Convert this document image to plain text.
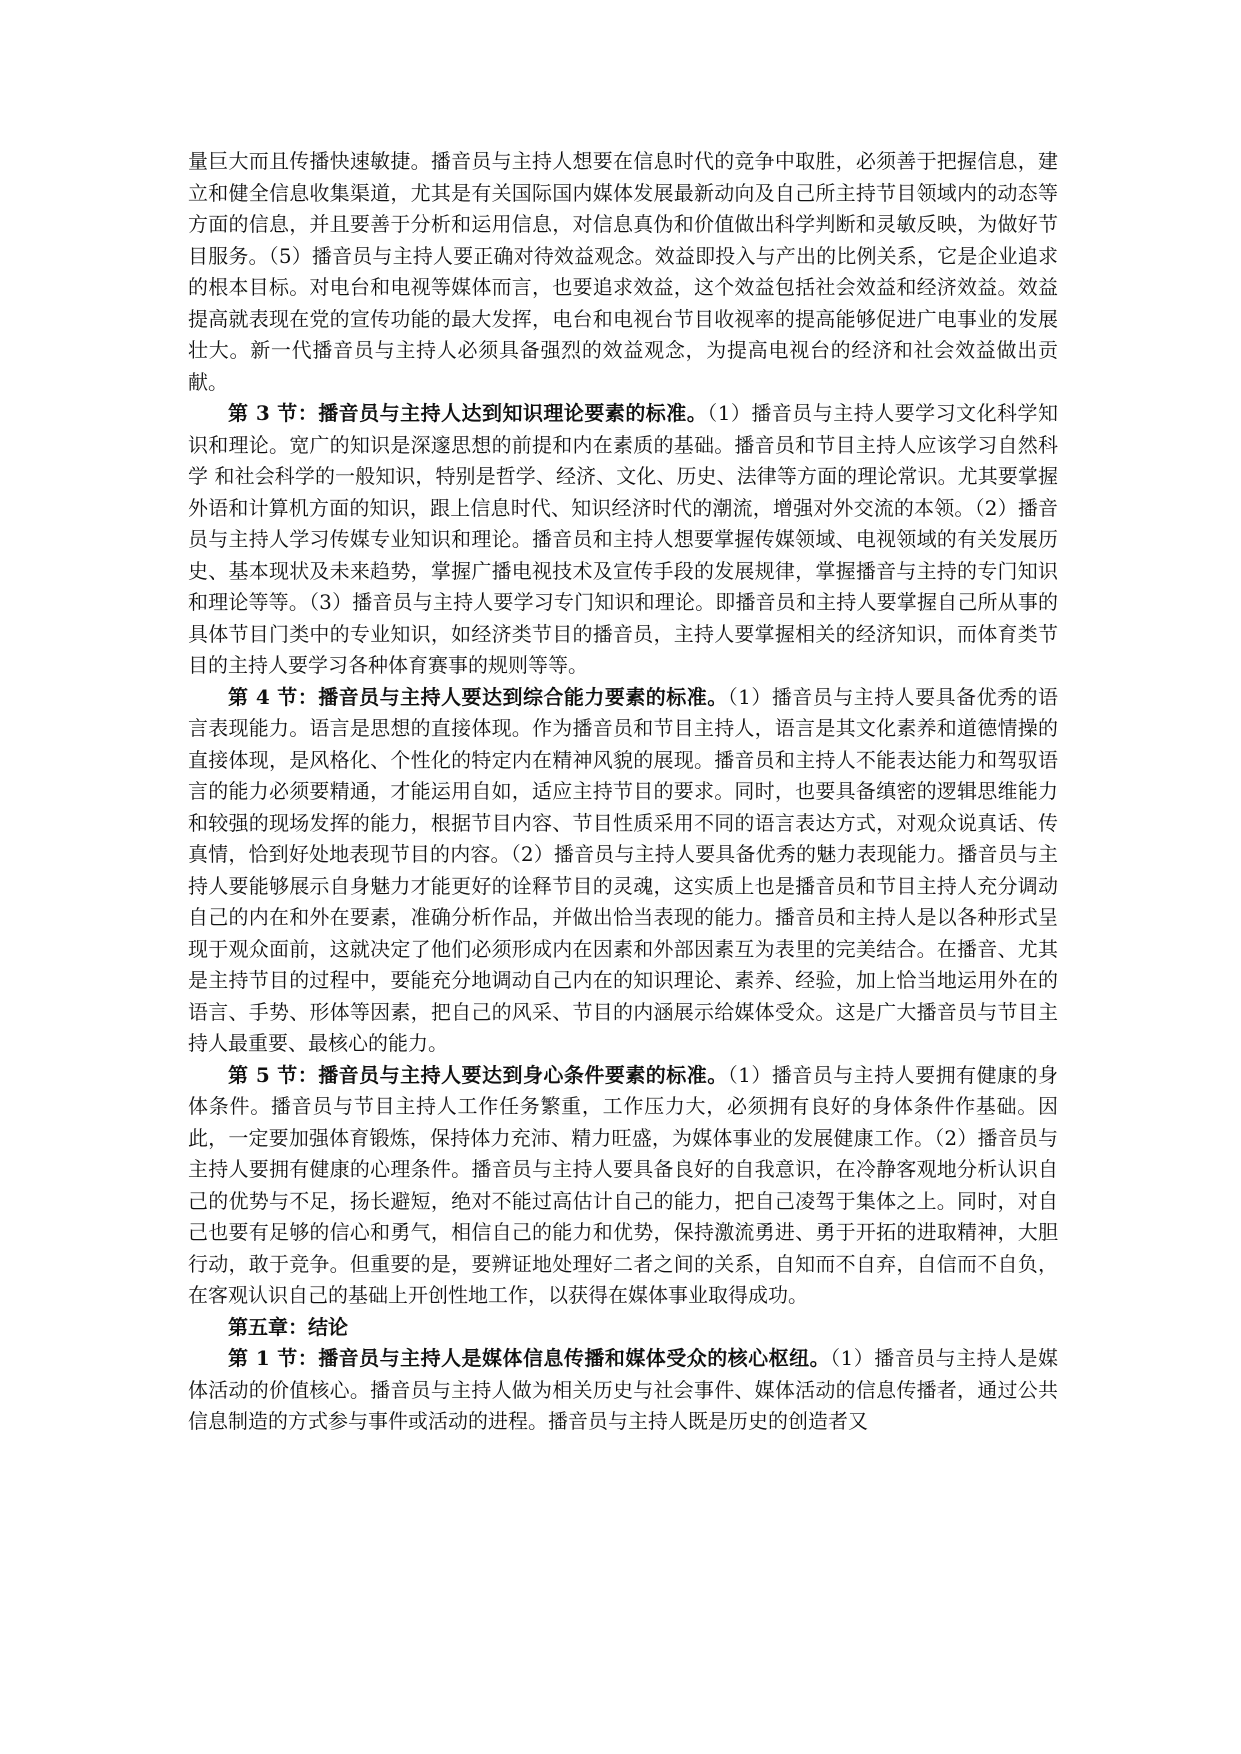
量巨大而且传播快速敏捷。播音员与主持人想要在信息时代的竞争中取胜，必须善于把握信息，建立和健全信息收集渠道，尤其是有关国际国内媒体发展最新动向及自己所主持节目领域内的动态等方面的信息，并且要善于分析和运用信息，对信息真伪和价值做出科学判断和灵敏反映，为做好节目服务。（5）播音员与主持人要正确对待效益观念。效益即投入与产出的比例关系，它是企业追求的根本目标。对电台和电视等媒体而言，也要追求效益，这个效益包括社会效益和经济效益。效益提高就表现在党的宣传功能的最大发挥，电台和电视台节目收视率的提高能够促进广电事业的发展壮大。新一代播音员与主持人必须具备强烈的效益观念，为提高电视台的经济和社会效益做出贡献。

第 3 节：播音员与主持人达到知识理论要素的标准。（1）播音员与主持人要学习文化科学知识和理论。宽广的知识是深邃思想的前提和内在素质的基础。播音员和节目主持人应该学习自然科学 和社会科学的一般知识，特别是哲学、经济、文化、历史、法律等方面的理论常识。尤其要掌握外语和计算机方面的知识，跟上信息时代、知识经济时代的潮流，增强对外交流的本领。（2）播音员与主持人学习传媒专业知识和理论。播音员和主持人想要掌握传媒领域、电视领域的有关发展历史、基本现状及未来趋势，掌握广播电视技术及宣传手段的发展规律，掌握播音与主持的专门知识和理论等等。（3）播音员与主持人要学习专门知识和理论。即播音员和主持人要掌握自己所从事的具体节目门类中的专业知识，如经济类节目的播音员，主持人要掌握相关的经济知识，而体育类节目的主持人要学习各种体育赛事的规则等等。

第 4 节：播音员与主持人要达到综合能力要素的标准。（1）播音员与主持人要具备优秀的语言表现能力。语言是思想的直接体现。作为播音员和节目主持人，语言是其文化素养和道德情操的直接体现，是风格化、个性化的特定内在精神风貌的展现。播音员和主持人不能表达能力和驾驭语言的能力必须要精通，才能运用自如，适应主持节目的要求。同时，也要具备缜密的逻辑思维能力和较强的现场发挥的能力，根据节目内容、节目性质采用不同的语言表达方式，对观众说真话、传真情，恰到好处地表现节目的内容。（2）播音员与主持人要具备优秀的魅力表现能力。播音员与主持人要能够展示自身魅力才能更好的诠释节目的灵魂，这实质上也是播音员和节目主持人充分调动自己的内在和外在要素，准确分析作品，并做出恰当表现的能力。播音员和主持人是以各种形式呈现于观众面前，这就决定了他们必须形成内在因素和外部因素互为表里的完美结合。在播音、尤其是主持节目的过程中，要能充分地调动自己内在的知识理论、素养、经验，加上恰当地运用外在的语言、手势、形体等因素，把自己的风采、节目的内涵展示给媒体受众。这是广大播音员与节目主持人最重要、最核心的能力。

第 5 节：播音员与主持人要达到身心条件要素的标准。（1）播音员与主持人要拥有健康的身体条件。播音员与节目主持人工作任务繁重，工作压力大，必须拥有良好的身体条件作基础。因此，一定要加强体育锻炼，保持体力充沛、精力旺盛，为媒体事业的发展健康工作。（2）播音员与主持人要拥有健康的心理条件。播音员与主持人要具备良好的自我意识，在冷静客观地分析认识自己的优势与不足，扬长避短，绝对不能过高估计自己的能力，把自己凌驾于集体之上。同时，对自己也要有足够的信心和勇气，相信自己的能力和优势，保持激流勇进、勇于开拓的进取精神，大胆行动，敢于竞争。但重要的是，要辨证地处理好二者之间的关系，自知而不自弃，自信而不自负，在客观认识自己的基础上开创性地工作，以获得在媒体事业取得成功。

第五章：结论

第 1 节：播音员与主持人是媒体信息传播和媒体受众的核心枢纽。（1）播音员与主持人是媒体活动的价值核心。播音员与主持人做为相关历史与社会事件、媒体活动的信息传播者，通过公共信息制造的方式参与事件或活动的进程。播音员与主持人既是历史的创造者又
